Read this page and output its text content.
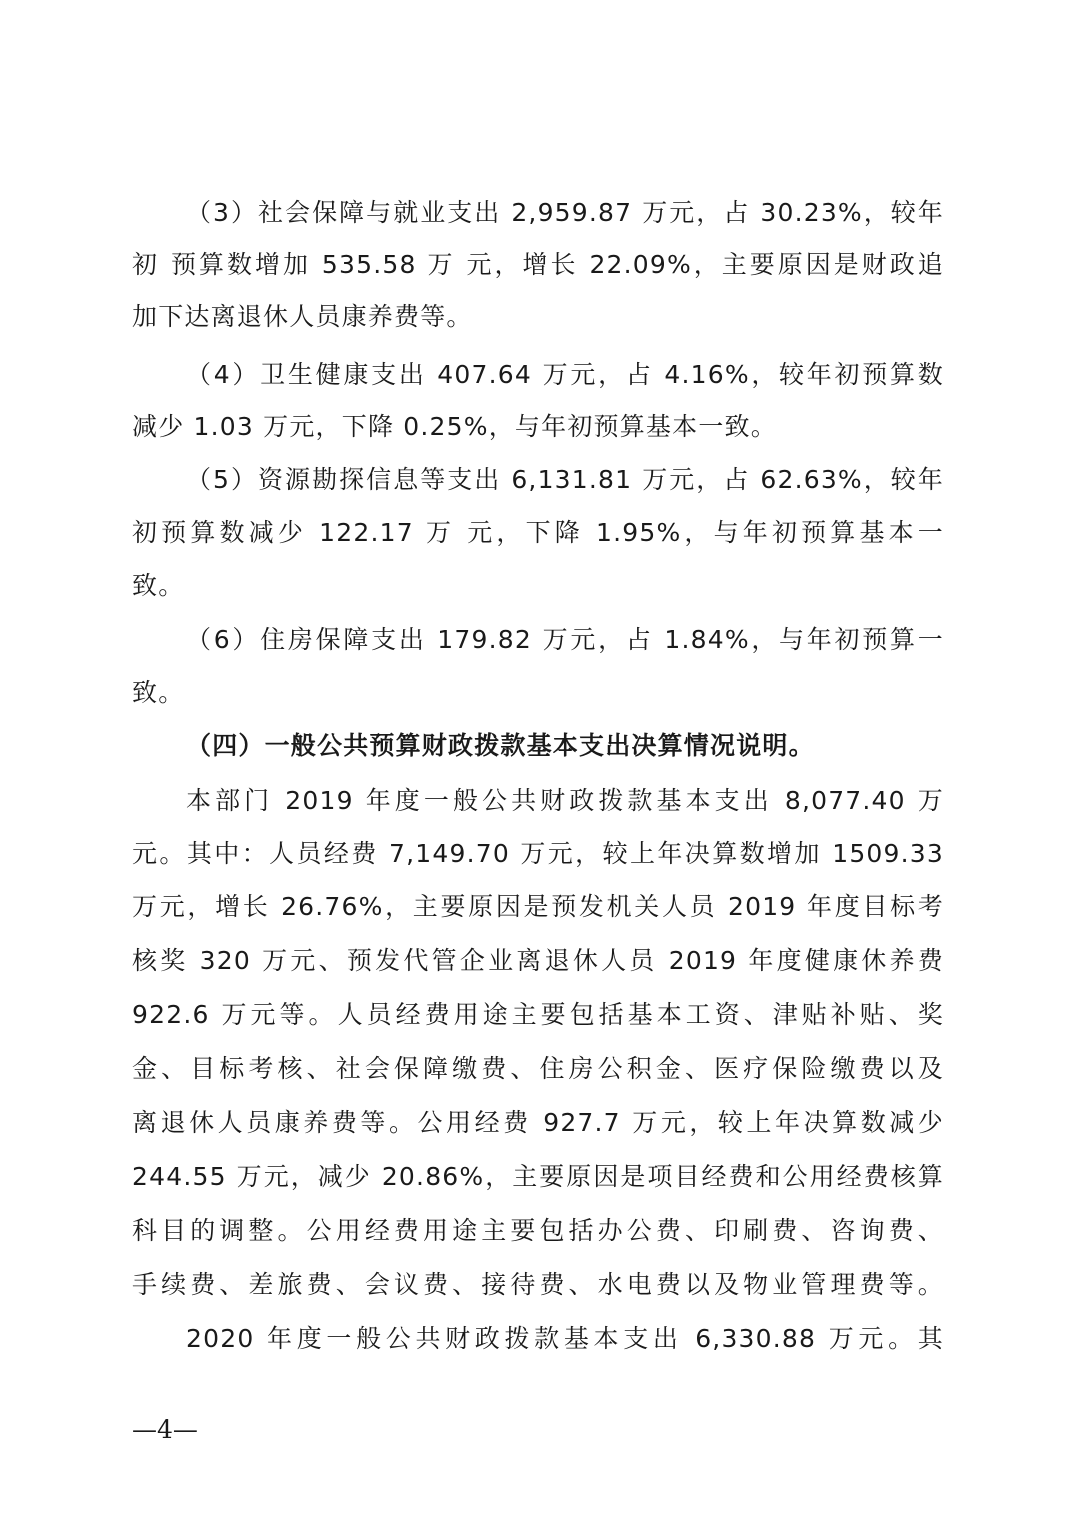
（3）社会保障与就业支出 2,959.87 万元，占 30.23%，较年
初 预算数增加 535.58 万 元，增长 22.09%，主要原因是财政追
加下达离退休人员康养费等。
（4）卫生健康支出 407.64 万元，占 4.16%，较年初预算数
减少 1.03 万元，下降 0.25%，与年初预算基本一致。
（5）资源勘探信息等支出 6,131.81 万元，占 62.63%，较年
初预算数减少 122.17 万 元，下降 1.95%，与年初预算基本一
致。
（6）住房保障支出 179.82 万元，占 1.84%，与年初预算一
致。
（四）一般公共预算财政拨款基本支出决算情况说明。
本部门 2019 年度一般公共财政拨款基本支出 8,077.40 万
元。其中：人员经费 7,149.70 万元，较上年决算数增加 1509.33
万元，增长 26.76%，主要原因是预发机关人员 2019 年度目标考
核奖 320 万元、预发代管企业离退休人员 2019 年度健康休养费
922.6 万元等。人员经费用途主要包括基本工资、津贴补贴、奖
金、目标考核、社会保障缴费、住房公积金、医疗保险缴费以及
离退休人员康养费等。公用经费 927.7 万元，较上年决算数减少
244.55 万元，减少 20.86%，主要原因是项目经费和公用经费核算
科目的调整。公用经费用途主要包括办公费、印刷费、咨询费、
手续费、差旅费、会议费、接待费、水电费以及物业管理费等。
2020 年度一般公共财政拨款基本支出 6,330.88 万元。其
—4—
